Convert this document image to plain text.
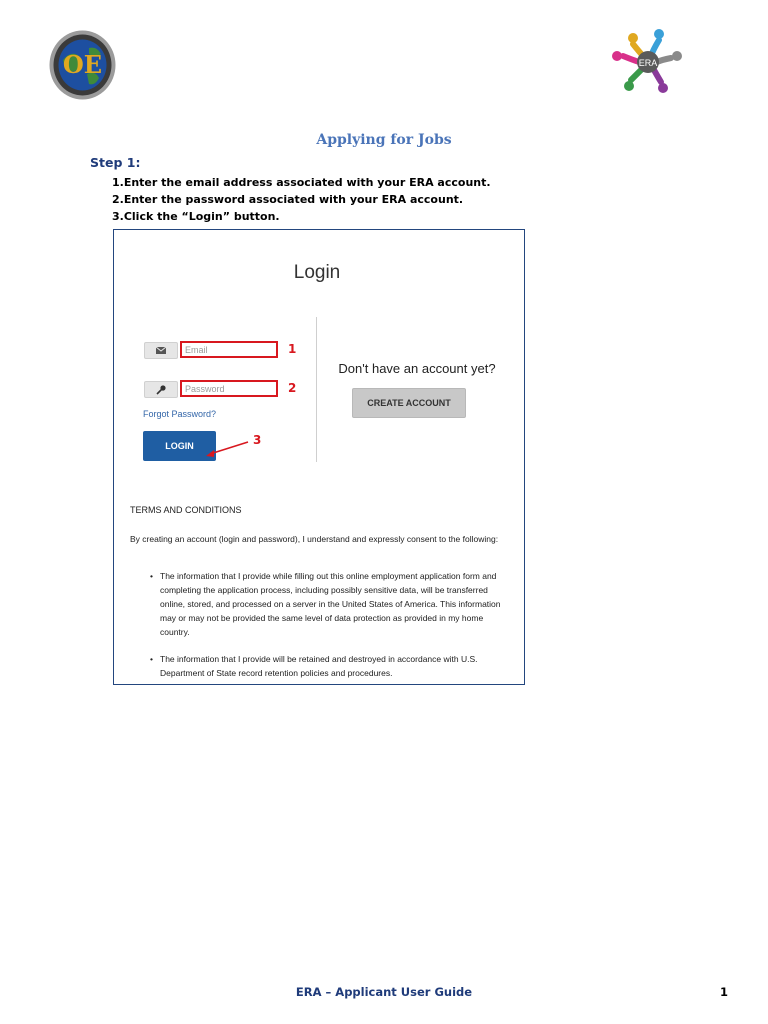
OE	ERA
Applying for Jobs
Step 1:
1.Enter the email address associated with your ERA account.
2.Enter the password associated with your ERA account.
3.Click the “Login” button.
Login
Email	1
Password	2
Forgot Password?
LOGIN	3
Don't have an account yet?
CREATE ACCOUNT
TERMS AND CONDITIONS
By creating an account (login and password), I understand and expressly consent to the following:
• The information that I provide while filling out this online employment application form and completing the application process, including possibly sensitive data, will be transferred online, stored, and processed on a server in the United States of America. This information may or may not be provided the same level of data protection as provided in my home country.
• The information that I provide will be retained and destroyed in accordance with U.S. Department of State record retention policies and procedures.
ERA – Applicant User Guide	1
